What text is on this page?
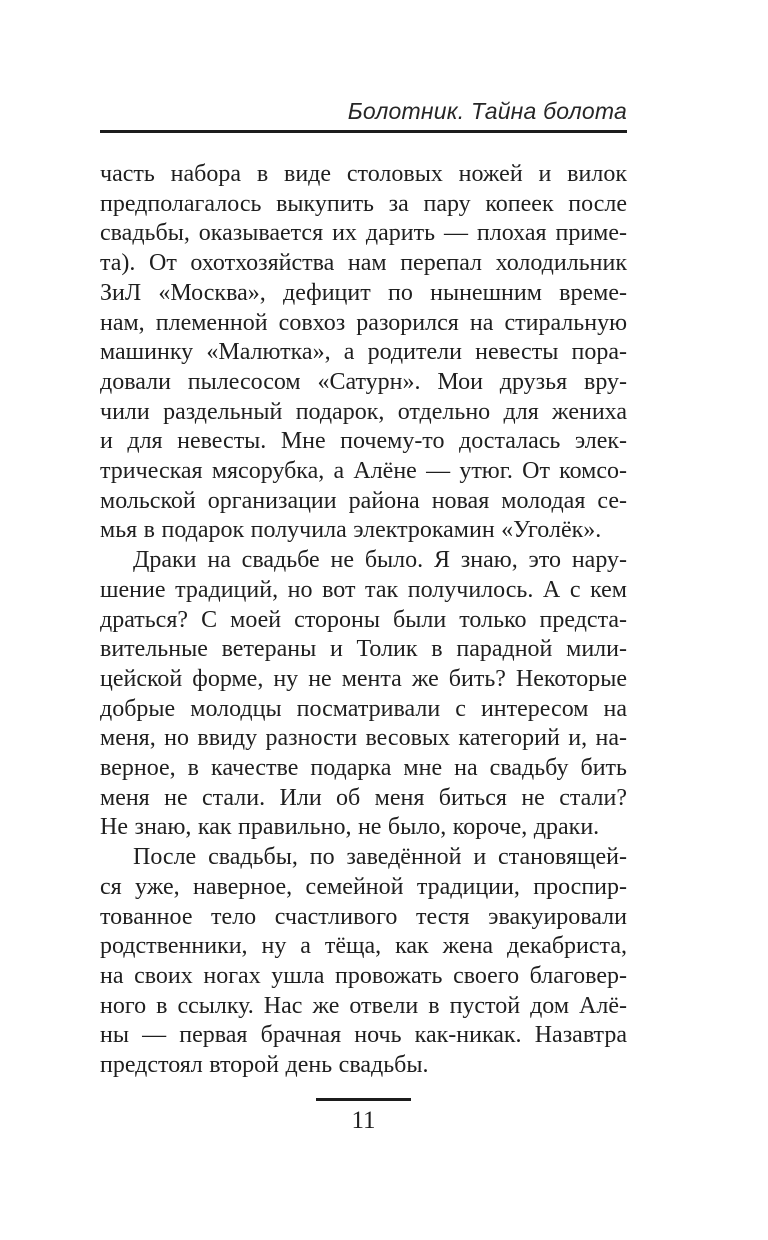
Болотник. Тайна болота
часть набора в виде столовых ножей и вилок
предполагалось выкупить за пару копеек после
свадьбы, оказывается их дарить — плохая приме-
та). От охотхозяйства нам перепал холодильник
ЗиЛ «Москва», дефицит по нынешним време-
нам, племенной совхоз разорился на стиральную
машинку «Малютка», а родители невесты пора-
довали пылесосом «Сатурн». Мои друзья вру-
чили раздельный подарок, отдельно для жениха
и для невесты. Мне почему-то досталась элек-
трическая мясорубка, а Алёне — утюг. От комсо-
мольской организации района новая молодая се-
мья в подарок получила электрокамин «Уголёк».
Драки на свадьбе не было. Я знаю, это нару-
шение традиций, но вот так получилось. А с кем
драться? С моей стороны были только предста-
вительные ветераны и Толик в парадной мили-
цейской форме, ну не мента же бить? Некоторые
добрые молодцы посматривали с интересом на
меня, но ввиду разности весовых категорий и, на-
верное, в качестве подарка мне на свадьбу бить
меня не стали. Или об меня биться не стали?
Не знаю, как правильно, не было, короче, драки.
После свадьбы, по заведённой и становящей-
ся уже, наверное, семейной традиции, проспир-
тованное тело счастливого тестя эвакуировали
родственники, ну а тёща, как жена декабриста,
на своих ногах ушла провожать своего благовер-
ного в ссылку. Нас же отвели в пустой дом Алё-
ны — первая брачная ночь как-никак. Назавтра
предстоял второй день свадьбы.
11
